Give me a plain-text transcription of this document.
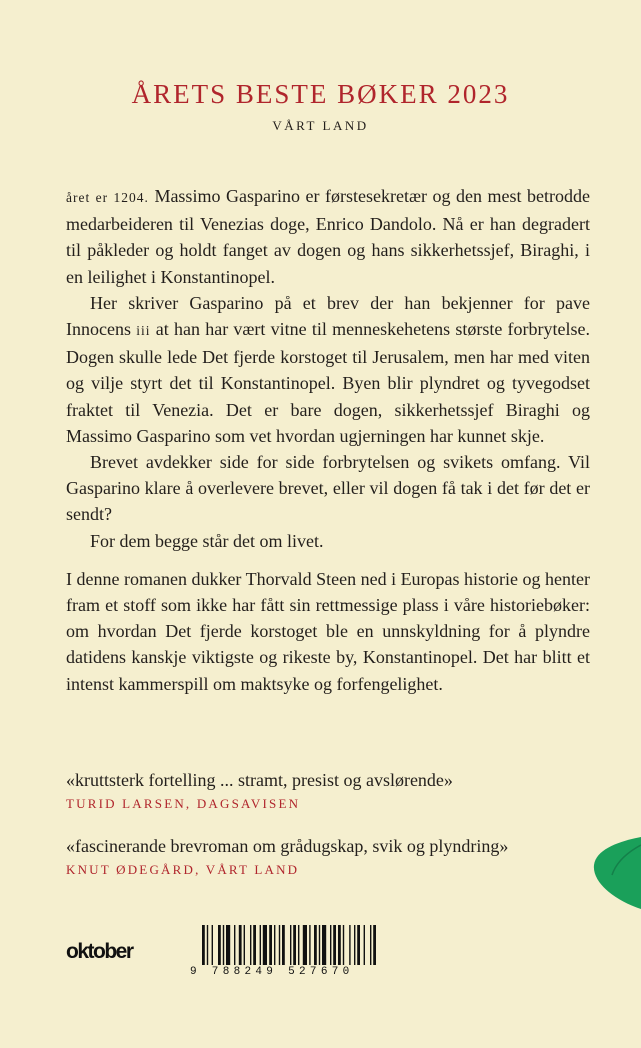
ÅRETS BESTE BØKER 2023
VÅRT LAND

året er 1204. Massimo Gasparino er førstesekretær og den mest betrodde medarbeideren til Venezias doge, Enrico Dandolo. Nå er han degradert til påkleder og holdt fanget av dogen og hans sikkerhetssjef, Biraghi, i en leilighet i Konstantinopel.

Her skriver Gasparino på et brev der han bekjenner for pave Innocens iii at han har vært vitne til menneskehetens største forbrytelse. Dogen skulle lede Det fjerde korstoget til Jerusalem, men har med viten og vilje styrt det til Konstantinopel. Byen blir plyndret og tyvegodset fraktet til Venezia. Det er bare dogen, sikkerhetssjef Biraghi og Massimo Gasparino som vet hvordan ugjerningen har kunnet skje.

Brevet avdekker side for side forbrytelsen og svikets omfang. Vil Gasparino klare å overlevere brevet, eller vil dogen få tak i det før det er sendt?

For dem begge står det om livet.

I denne romanen dukker Thorvald Steen ned i Europas historie og henter fram et stoff som ikke har fått sin rettmessige plass i våre historiebøker: om hvordan Det fjerde korstoget ble en unnskyldning for å plyndre datidens kanskje viktigste og rikeste by, Konstantinopel. Det har blitt et intenst kammerspill om maktsyke og forfengelighet.

«kruttsterk fortelling ... stramt, presist og avslørende»
TURID LARSEN, DAGSAVISEN
«fascinerande brevroman om grådugskap, svik og plyndring»
KNUT ØDEGÅRD, VÅRT LAND
oktober
9 788249 527670
